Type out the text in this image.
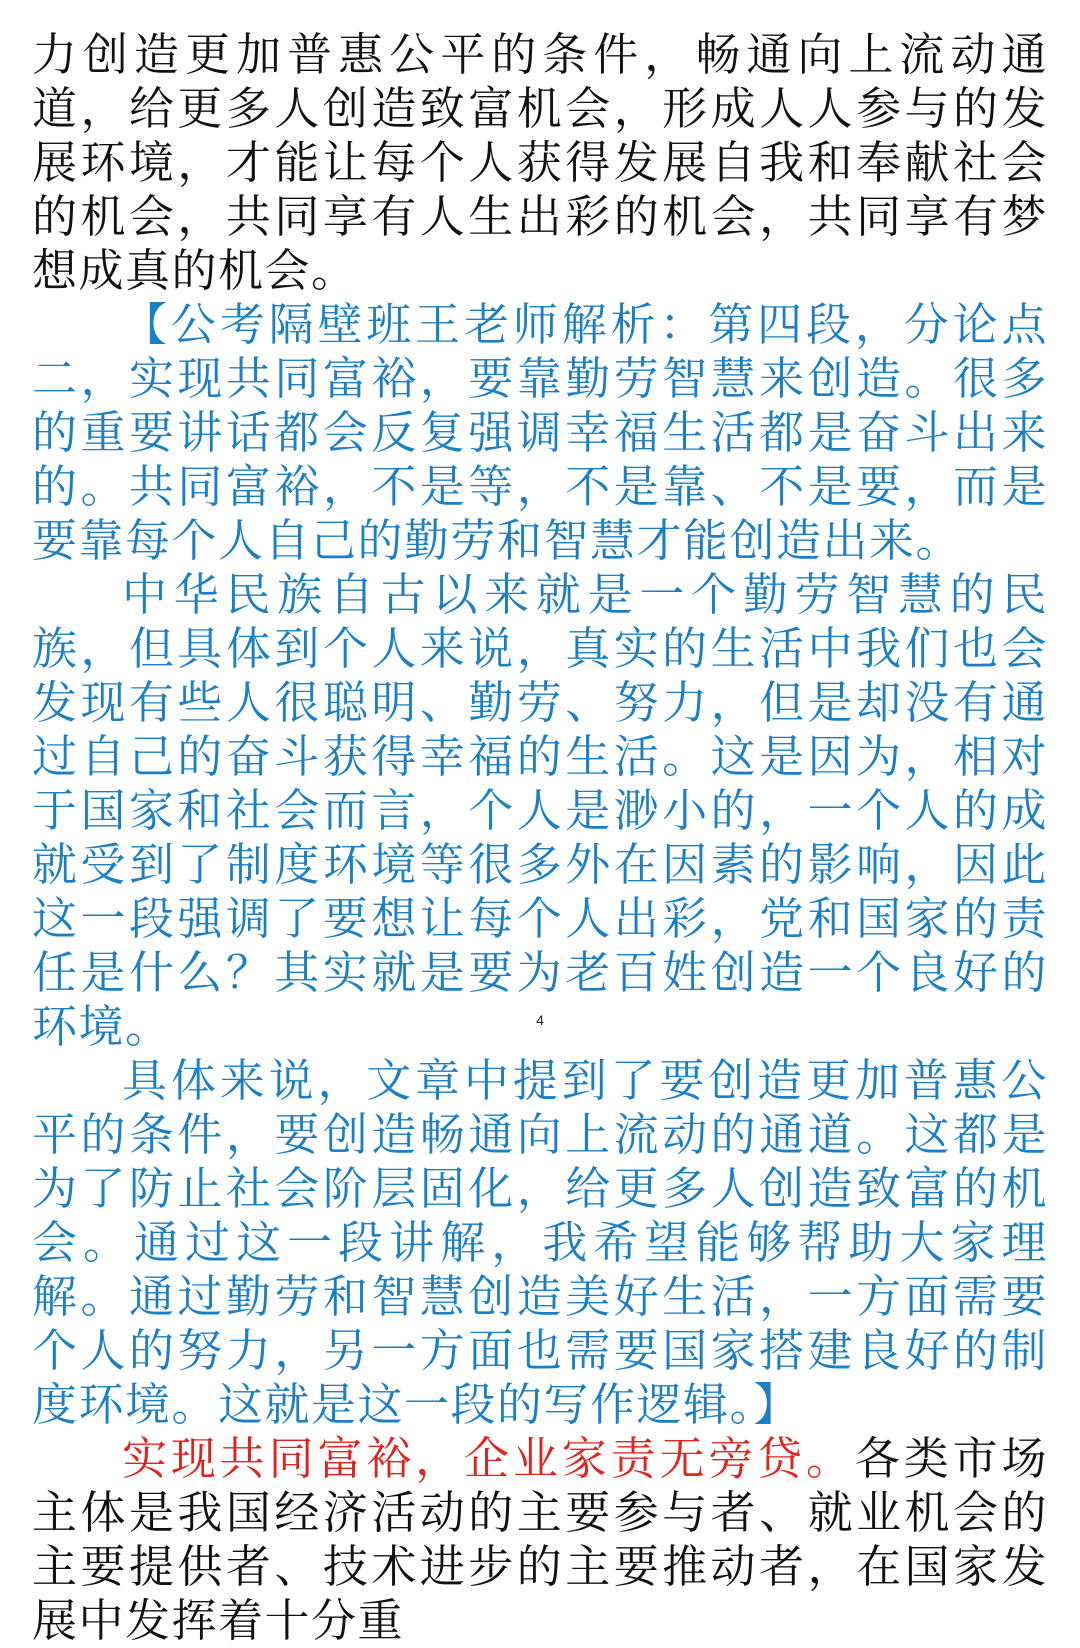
力创造更加普惠公平的条件，畅通向上流动通道，给更多人创造致富机会，形成人人参与的发展环境，才能让每个人获得发展自我和奉献社会的机会，共同享有人生出彩的机会，共同享有梦想成真的机会。

【公考隔壁班王老师解析：第四段，分论点二，实现共同富裕，要靠勤劳智慧来创造。很多的重要讲话都会反复强调幸福生活都是奋斗出来的。共同富裕，不是等，不是靠、不是要，而是要靠每个人自己的勤劳和智慧才能创造出来。

中华民族自古以来就是一个勤劳智慧的民族，但具体到个人来说，真实的生活中我们也会发现有些人很聪明、勤劳、努力，但是却没有通过自己的奋斗获得幸福的生活。这是因为，相对于国家和社会而言，个人是渺小的，一个人的成就受到了制度环境等很多外在因素的影响，因此这一段强调了要想让每个人出彩，党和国家的责任是什么？其实就是要为老百姓创造一个良好的环境。

具体来说，文章中提到了要创造更加普惠公平的条件，要创造畅通向上流动的通道。这都是为了防止社会阶层固化，给更多人创造致富的机会。通过这一段讲解，我希望能够帮助大家理解。通过勤劳和智慧创造美好生活，一方面需要个人的努力，另一方面也需要国家搭建良好的制度环境。这就是这一段的写作逻辑。】

实现共同富裕，企业家责无旁贷。各类市场主体是我国经济活动的主要参与者、就业机会的主要提供者、技术进步的主要推动者，在国家发展中发挥着十分重

4
